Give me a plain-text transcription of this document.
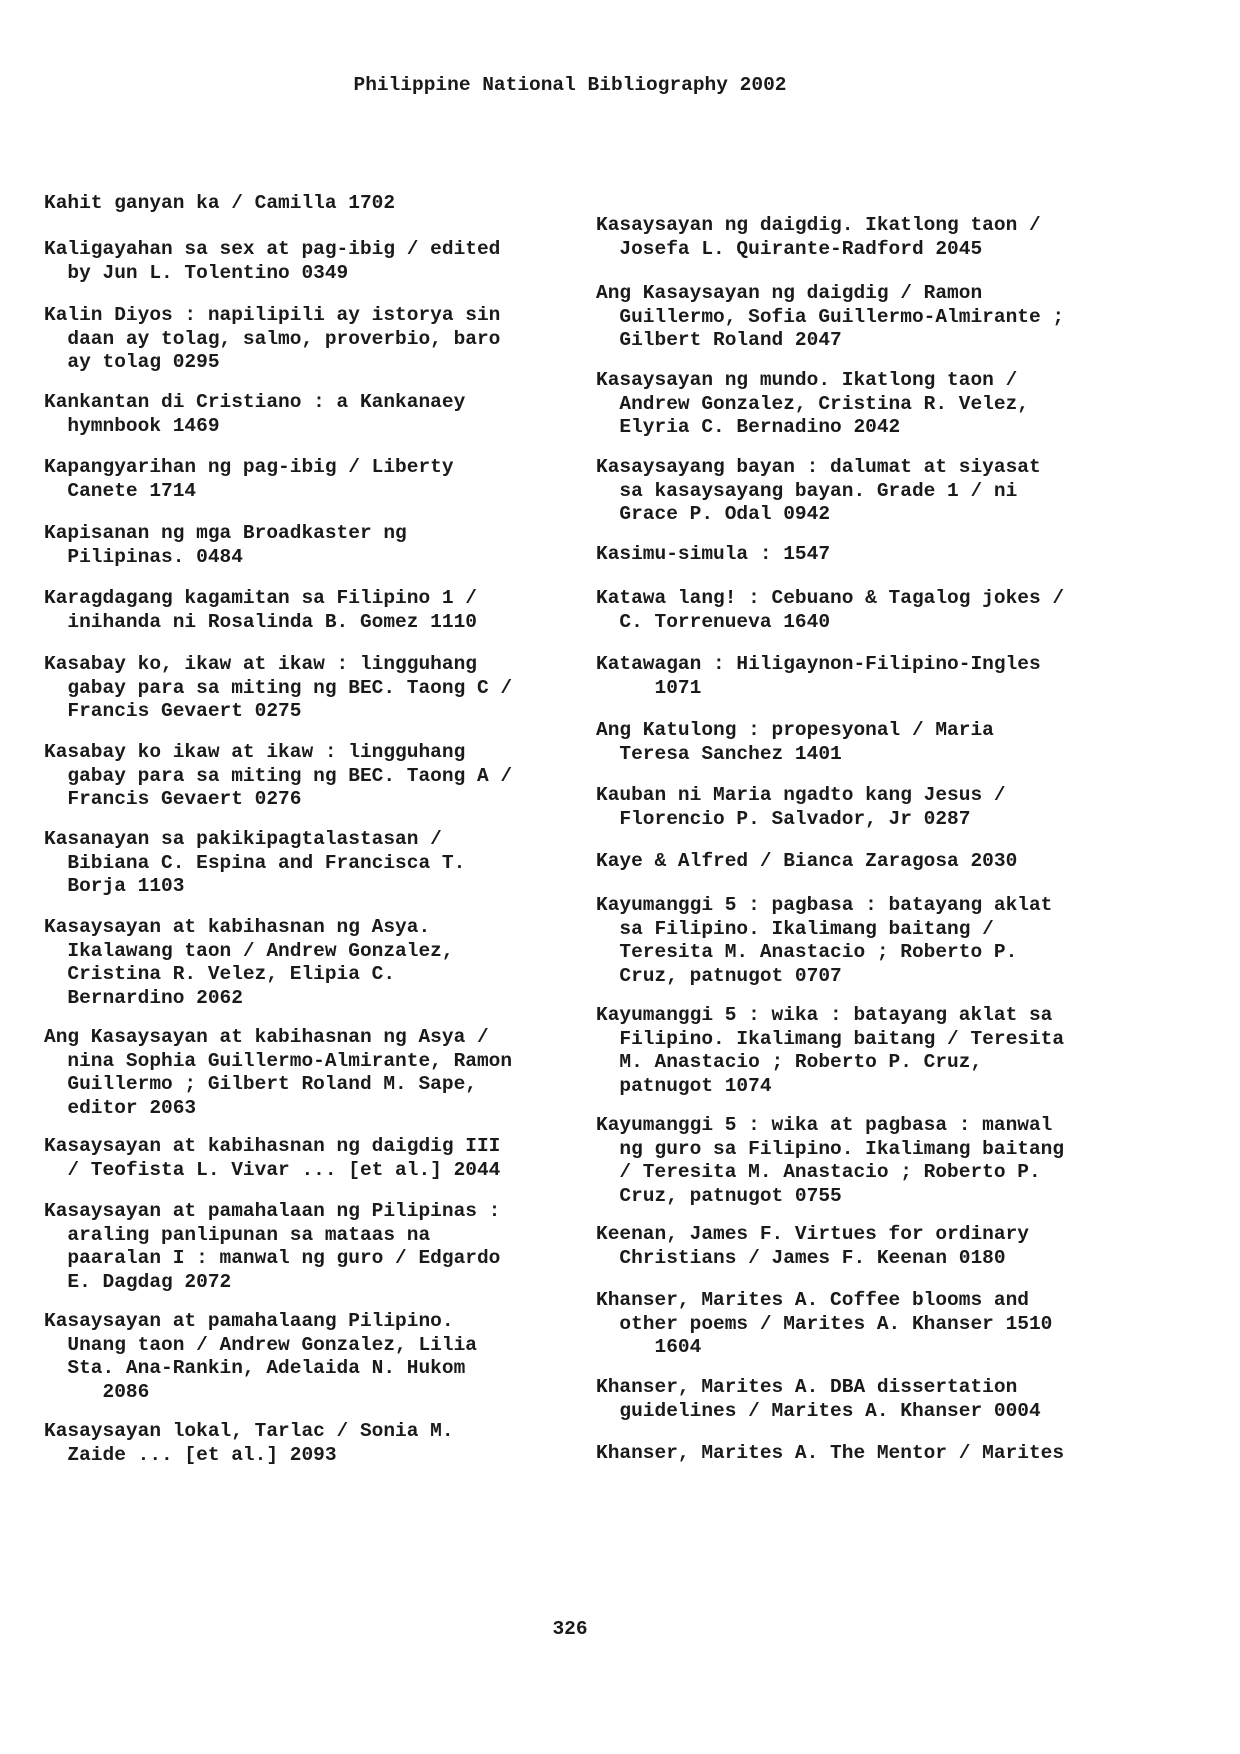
Philippine National Bibliography 2002
Kahit ganyan ka / Camilla 1702
Kaligayahan sa sex at pag-ibig / edited
by Jun L. Tolentino 0349
Kalin Diyos : napilipili ay istorya sin
daan ay tolag, salmo, proverbio, baro
ay tolag 0295
Kankantan di Cristiano : a Kankanaey
hymnbook 1469
Kapangyarihan ng pag-ibig / Liberty
Canete 1714
Kapisanan ng mga Broadkaster ng
Pilipinas. 0484
Karagdagang kagamitan sa Filipino 1 /
inihanda ni Rosalinda B. Gomez 1110
Kasabay ko, ikaw at ikaw : lingguhang
gabay para sa miting ng BEC. Taong C /
Francis Gevaert 0275
Kasabay ko ikaw at ikaw : lingguhang
gabay para sa miting ng BEC. Taong A /
Francis Gevaert 0276
Kasanayan sa pakikipagtalastasan /
Bibiana C. Espina and Francisca T.
Borja 1103
Kasaysayan at kabihasnan ng Asya.
Ikalawang taon / Andrew Gonzalez,
Cristina R. Velez, Elipia C.
Bernardino 2062
Ang Kasaysayan at kabihasnan ng Asya /
nina Sophia Guillermo-Almirante, Ramon
Guillermo ; Gilbert Roland M. Sape,
editor 2063
Kasaysayan at kabihasnan ng daigdig III
/ Teofista L. Vivar ... [et al.] 2044
Kasaysayan at pamahalaan ng Pilipinas :
araling panlipunan sa mataas na
paaralan I : manwal ng guro / Edgardo
E. Dagdag 2072
Kasaysayan at pamahalaang Pilipino.
Unang taon / Andrew Gonzalez, Lilia
Sta. Ana-Rankin, Adelaida N. Hukom
2086
Kasaysayan lokal, Tarlac / Sonia M.
Zaide ... [et al.] 2093
Kasaysayan ng daigdig. Ikatlong taon /
Josefa L. Quirante-Radford 2045
Ang Kasaysayan ng daigdig / Ramon
Guillermo, Sofia Guillermo-Almirante ;
Gilbert Roland 2047
Kasaysayan ng mundo. Ikatlong taon /
Andrew Gonzalez, Cristina R. Velez,
Elyria C. Bernadino 2042
Kasaysayang bayan : dalumat at siyasat
sa kasaysayang bayan. Grade 1 / ni
Grace P. Odal 0942
Kasimu-simula : 1547
Katawa lang! : Cebuano & Tagalog jokes /
C. Torrenueva 1640
Katawagan : Hiligaynon-Filipino-Ingles
1071
Ang Katulong : propesyonal / Maria
Teresa Sanchez 1401
Kauban ni Maria ngadto kang Jesus /
Florencio P. Salvador, Jr 0287
Kaye & Alfred / Bianca Zaragosa 2030
Kayumanggi 5 : pagbasa : batayang aklat
sa Filipino. Ikalimang baitang /
Teresita M. Anastacio ; Roberto P.
Cruz, patnugot 0707
Kayumanggi 5 : wika : batayang aklat sa
Filipino. Ikalimang baitang / Teresita
M. Anastacio ; Roberto P. Cruz,
patnugot 1074
Kayumanggi 5 : wika at pagbasa : manwal
ng guro sa Filipino. Ikalimang baitang
/ Teresita M. Anastacio ; Roberto P.
Cruz, patnugot 0755
Keenan, James F. Virtues for ordinary
Christians / James F. Keenan 0180
Khanser, Marites A. Coffee blooms and
other poems / Marites A. Khanser 1510
1604
Khanser, Marites A. DBA dissertation
guidelines / Marites A. Khanser 0004
Khanser, Marites A. The Mentor / Marites
326
